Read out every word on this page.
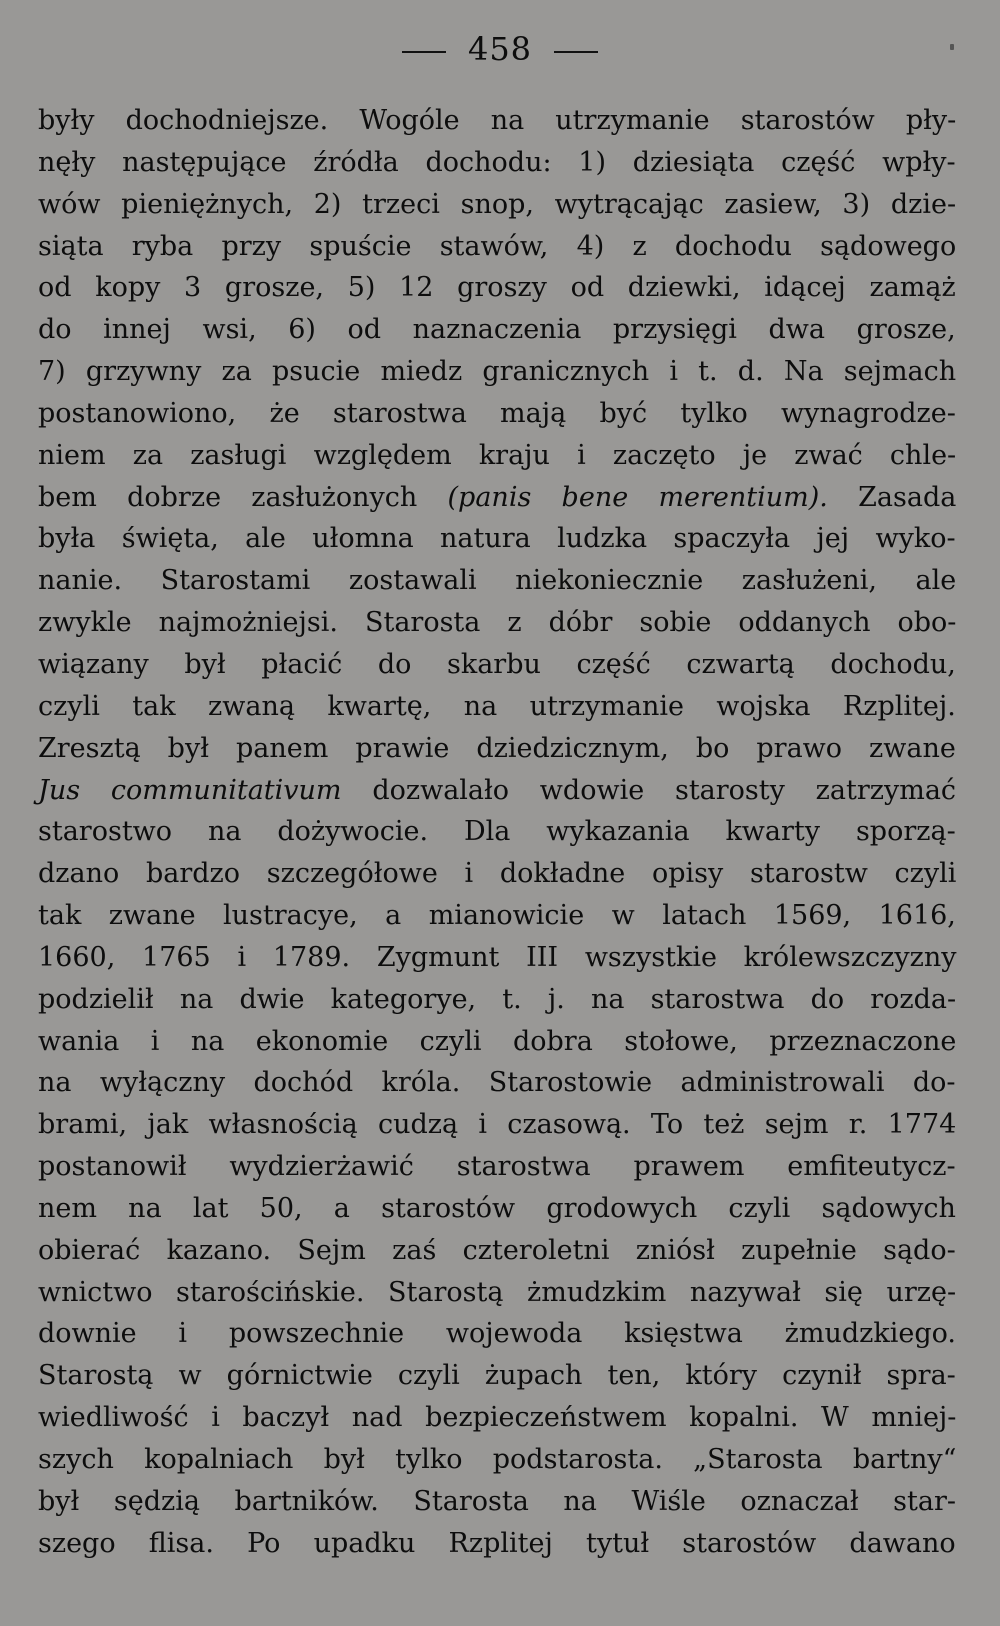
458
były dochodniejsze. Wogóle na utrzymanie starostów pły-
nęły następujące źródła dochodu: 1) dziesiąta część wpły-
wów pieniężnych, 2) trzeci snop, wytrącając zasiew, 3) dzie-
siąta ryba przy spuście stawów, 4) z dochodu sądowego
od kopy 3 grosze, 5) 12 groszy od dziewki, idącej zamąż
do innej wsi, 6) od naznaczenia przysięgi dwa grosze,
7) grzywny za psucie miedz granicznych i t. d. Na sejmach
postanowiono, że starostwa mają być tylko wynagrodze-
niem za zasługi względem kraju i zaczęto je zwać chle-
bem dobrze zasłużonych (panis bene merentium). Zasada
była święta, ale ułomna natura ludzka spaczyła jej wyko-
nanie. Starostami zostawali niekoniecznie zasłużeni, ale
zwykle najmożniejsi. Starosta z dóbr sobie oddanych obo-
wiązany był płacić do skarbu część czwartą dochodu,
czyli tak zwaną kwartę, na utrzymanie wojska Rzplitej.
Zresztą był panem prawie dziedzicznym, bo prawo zwane
Jus communitativum dozwalało wdowie starosty zatrzymać
starostwo na dożywocie. Dla wykazania kwarty sporzą-
dzano bardzo szczegółowe i dokładne opisy starostw czyli
tak zwane lustracye, a mianowicie w latach 1569, 1616,
1660, 1765 i 1789. Zygmunt III wszystkie królewszczyzny
podzielił na dwie kategorye, t. j. na starostwa do rozda-
wania i na ekonomie czyli dobra stołowe, przeznaczone
na wyłączny dochód króla. Starostowie administrowali do-
brami, jak własnością cudzą i czasową. To też sejm r. 1774
postanowił wydzierżawić starostwa prawem emfiteutycz-
nem na lat 50, a starostów grodowych czyli sądowych
obierać kazano. Sejm zaś czteroletni zniósł zupełnie sądo-
wnictwo starościńskie. Starostą żmudzkim nazywał się urzę-
downie i powszechnie wojewoda księstwa żmudzkiego.
Starostą w górnictwie czyli żupach ten, który czynił spra-
wiedliwość i baczył nad bezpieczeństwem kopalni. W mniej-
szych kopalniach był tylko podstarosta. „Starosta bartny“
był sędzią bartników. Starosta na Wiśle oznaczał star-
szego flisa. Po upadku Rzplitej tytuł starostów dawano
